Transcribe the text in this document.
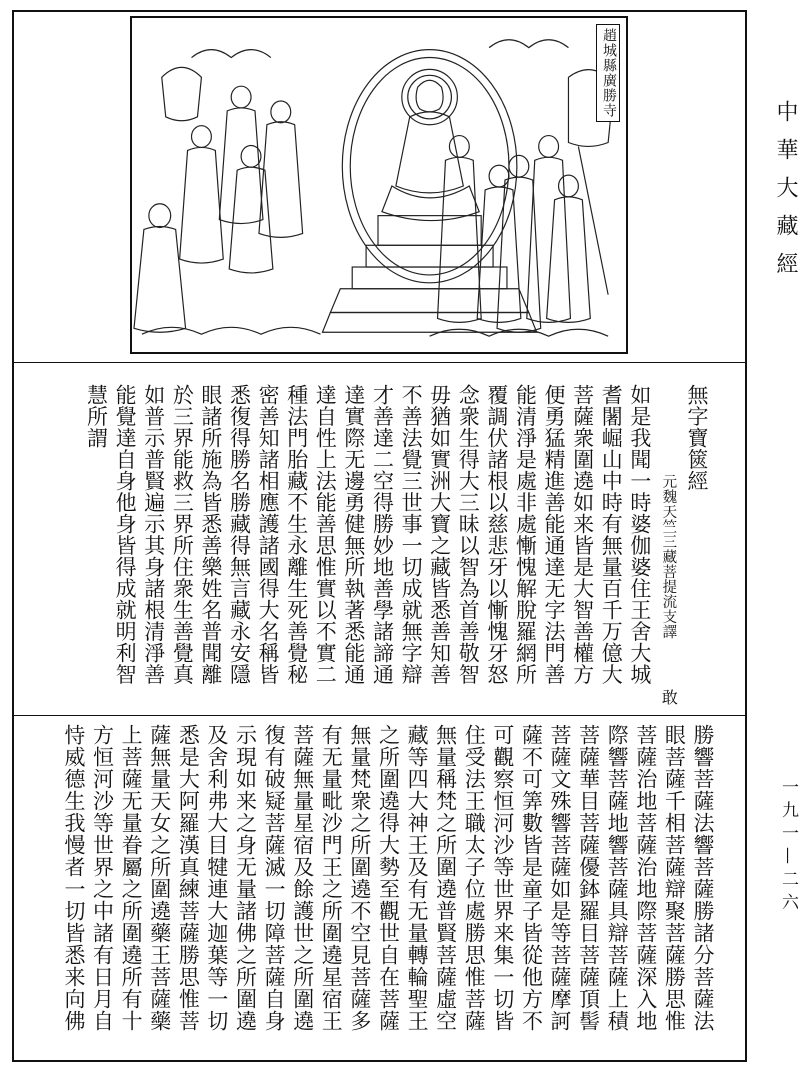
趙城縣廣勝寺
無字寶篋經
元魏天竺三藏菩提流支譯敢
如是我聞一時婆伽婆住王舍大城
耆闍崛山中時有無量百千万億大
菩薩衆圍遶如来皆是大智善權方
便勇猛精進善能通達无字法門善
能清淨是處非處慚愧解脫羅網所
覆調伏諸根以慈悲牙以慚愧牙怒
念衆生得大三昧以智為首善敬智
毋猶如實洲大寶之藏皆悉善知善
不善法覺三世事一切成就無字辯
才善達二空得勝妙地善學諸諦通
達實際无邊勇健無所執著悉能通
達自性上法能善思惟實以不實二
種法門胎藏不生永離生死善覺秘
密善知諸相應護諸國得大名稱皆
悉復得勝名勝藏得無言藏永安隱
眼諸所施為皆悉善樂姓名普聞離
於三界能救三界所住衆生善覺真
如普示普賢遍示其身諸根清淨善
能覺達自身他身皆得成就明利智
慧所謂
勝響菩薩法響菩薩勝諸分菩薩法
眼菩薩千相菩薩辯聚菩薩勝思惟
菩薩治地菩薩治地際菩薩深入地
際響菩薩地響菩薩具辯菩薩上積
菩薩華目菩薩優鉢羅目菩薩頂髻
菩薩文殊響菩薩如是等菩薩摩訶
薩不可筭數皆是童子皆從他方不
可觀察恒河沙等世界来集一切皆
住受法王職太子位處勝思惟菩薩
無量稱梵之所圍遶普賢菩薩虛空
藏等四大神王及有无量轉輪聖王
之所圍遶得大勢至觀世自在菩薩
無量梵衆之所圍遶不空見菩薩多
有无量毗沙門王之所圍遶星宿王
菩薩無量星宿及餘護世之所圍遶
復有破疑菩薩滅一切障菩薩自身
示現如来之身无量諸佛之所圍遶
及舍利弗大目犍連大迦葉等一切
悉是大阿羅漢真練菩薩勝思惟菩
薩無量天女之所圍遶藥王菩薩藥
上菩薩无量眷屬之所圍遶所有十
方恒河沙等世界之中諸有日月自
恃威德生我慢者一切皆悉来向佛
中華大藏經
一九一—二六
